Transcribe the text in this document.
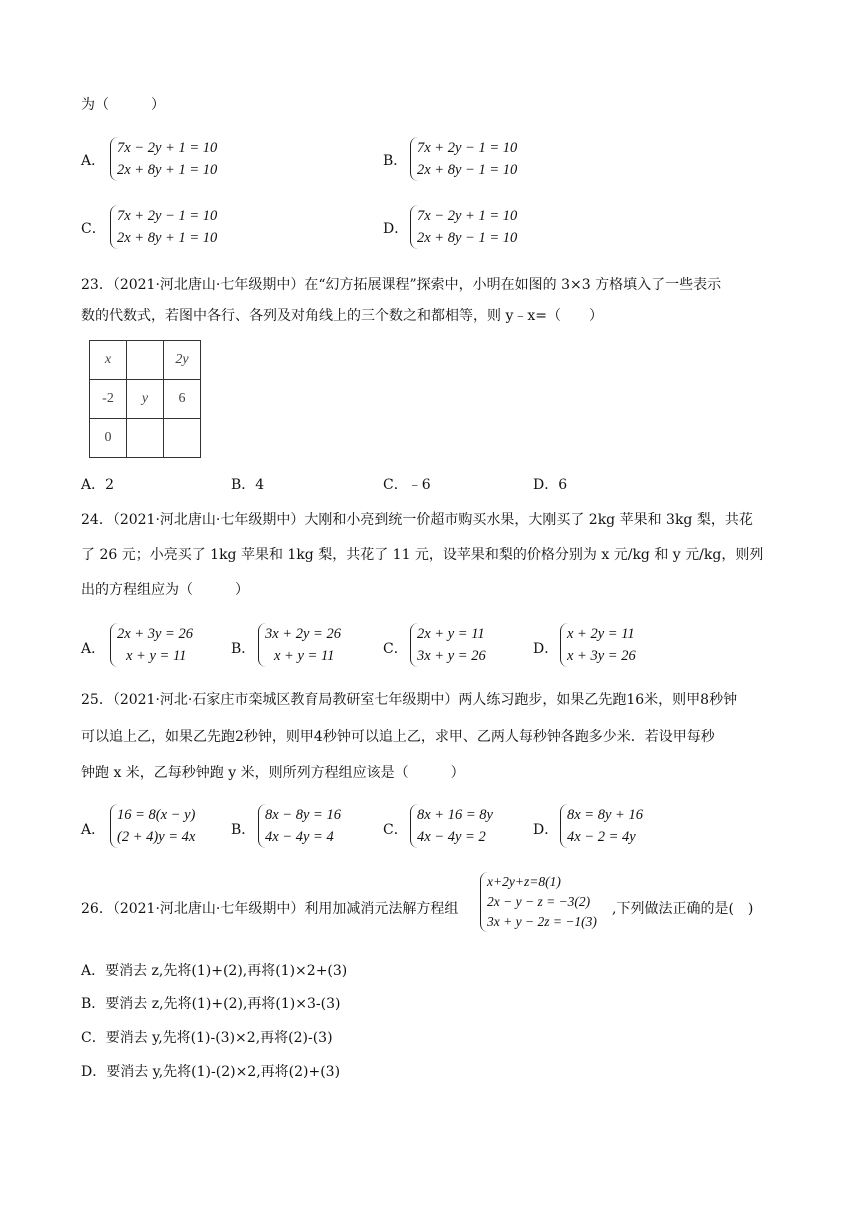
为（　　　）
A．
7x − 2y + 1 = 10
2x + 8y + 1 = 10
B．
7x + 2y − 1 = 10
2x + 8y − 1 = 10
C．
7x + 2y − 1 = 10
2x + 8y + 1 = 10
D．
7x − 2y + 1 = 10
2x + 8y − 1 = 10
23．（2021·河北唐山·七年级期中）在“幻方拓展课程”探索中，小明在如图的 3×3 方格填入了一些表示
数的代数式，若图中各行、各列及对角线上的三个数之和都相等，则 y﹣x=（　　）
x		2y
-2	y	6
0		
A．2	B．4	C．﹣6	D．6
24．（2021·河北唐山·七年级期中）大刚和小亮到统一价超市购买水果，大刚买了 2kg 苹果和 3kg 梨，共花
了 26 元；小亮买了 1kg 苹果和 1kg 梨，共花了 11 元，设苹果和梨的价格分别为 x 元/kg 和 y 元/kg，则列
出的方程组应为（　　　）
A．
2x + 3y = 26
x + y = 11	B．
3x + 2y = 26
x + y = 11	C．
2x + y = 11
3x + y = 26	D．
x + 2y = 11
x + 3y = 26
25．（2021·河北·石家庄市栾城区教育局教研室七年级期中）两人练习跑步，如果乙先跑16米，则甲8秒钟
可以追上乙，如果乙先跑2秒钟，则甲4秒钟可以追上乙，求甲、乙两人每秒钟各跑多少米．若设甲每秒
钟跑 x 米，乙每秒钟跑 y 米，则所列方程组应该是（　　　）
A．
16 = 8(x − y)
(2 + 4)y = 4x	B．
8x − 8y = 16
4x − 4y = 4	C．
8x + 16 = 8y
4x − 4y = 2	D．
8x = 8y + 16
4x − 2 = 4y
26．（2021·河北唐山·七年级期中）利用加减消元法解方程组
x+2y+z=8(1)
2x − y − z = −3(2)
3x + y − 2z = −1(3)
,下列做法正确的是(　)
A．要消去 z,先将(1)+(2),再将(1)×2+(3)
B．要消去 z,先将(1)+(2),再将(1)×3-(3)
C．要消去 y,先将(1)-(3)×2,再将(2)-(3)
D．要消去 y,先将(1)-(2)×2,再将(2)+(3)
